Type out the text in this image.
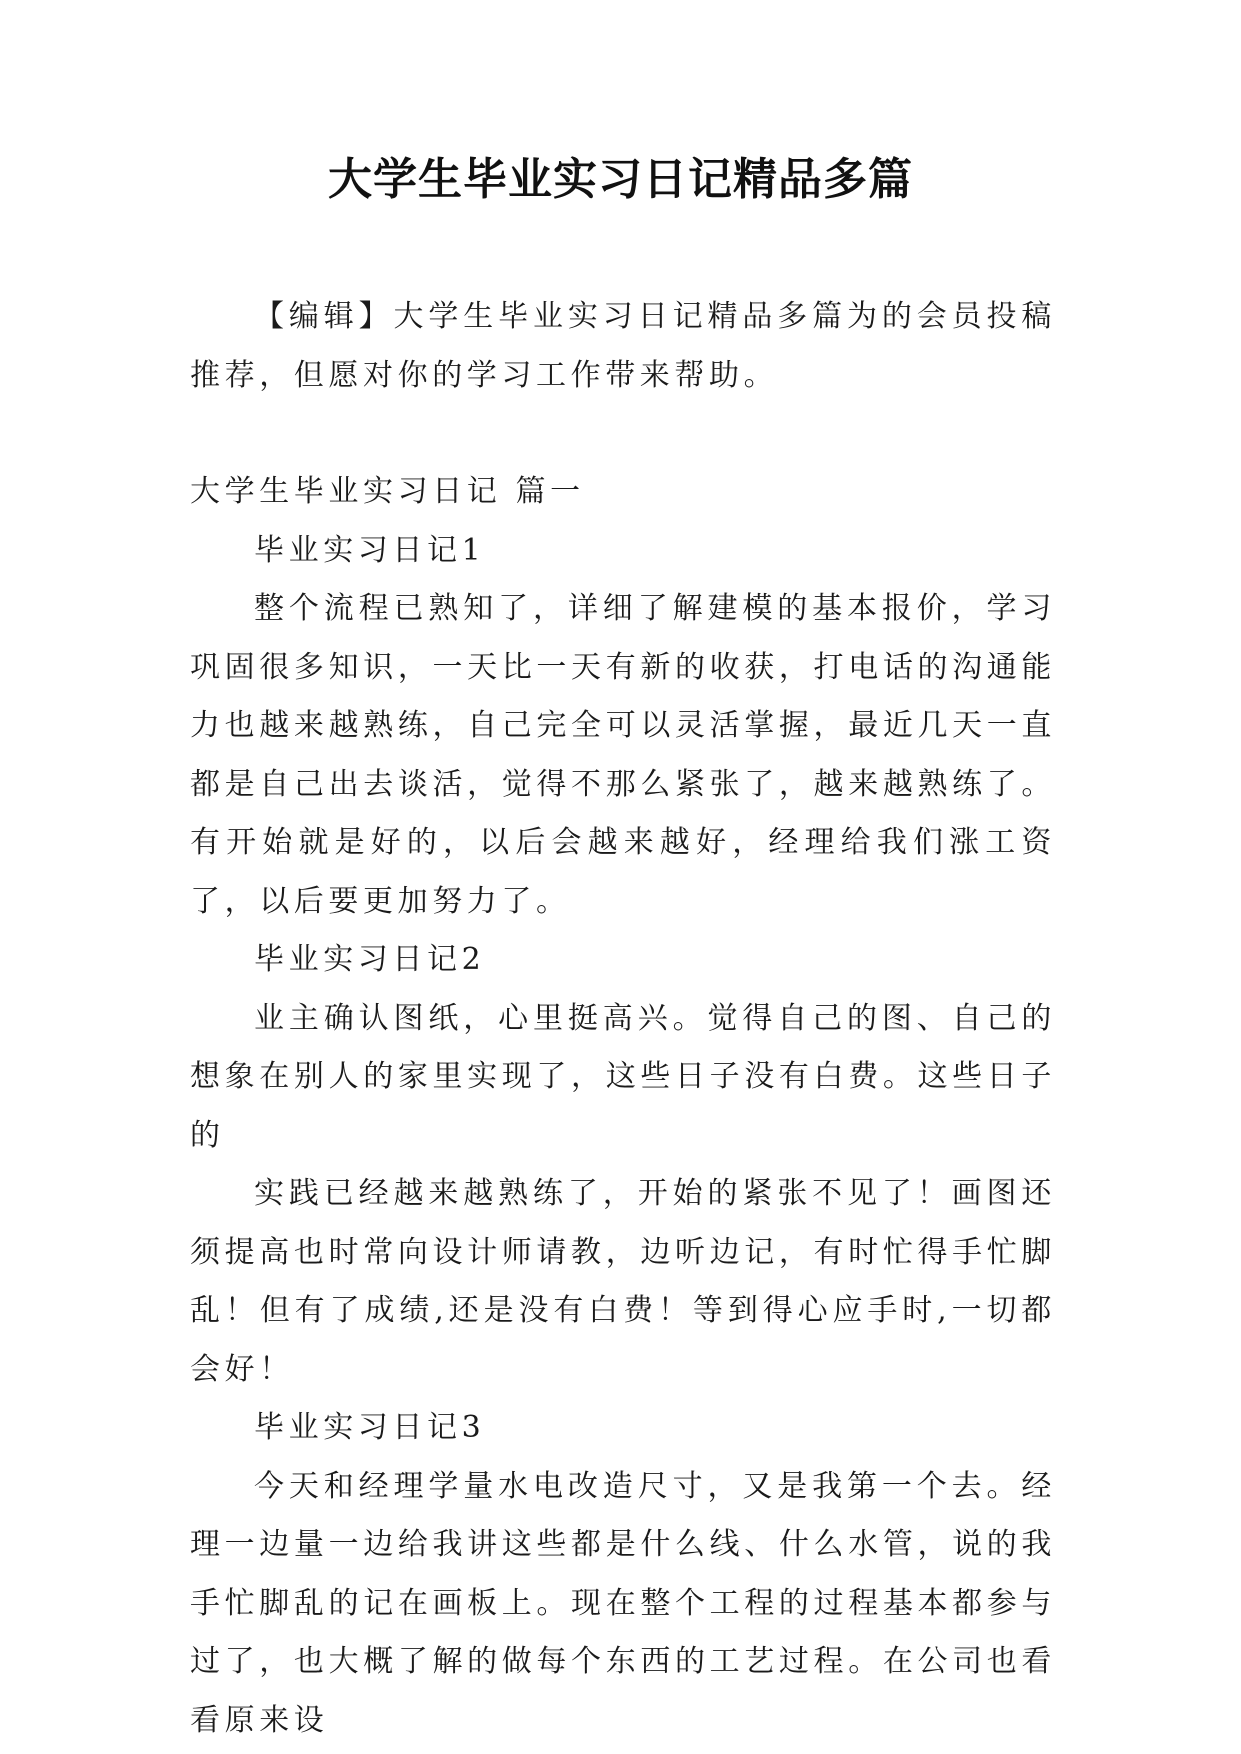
大学生毕业实习日记精品多篇

【编辑】大学生毕业实习日记精品多篇为的会员投稿推荐，但愿对你的学习工作带来帮助。

大学生毕业实习日记 篇一

毕业实习日记1

整个流程已熟知了，详细了解建模的基本报价，学习巩固很多知识，一天比一天有新的收获，打电话的沟通能力也越来越熟练，自己完全可以灵活掌握，最近几天一直都是自己出去谈活，觉得不那么紧张了，越来越熟练了。有开始就是好的，以后会越来越好，经理给我们涨工资了，以后要更加努力了。

毕业实习日记2

业主确认图纸，心里挺高兴。觉得自己的图、自己的想象在别人的家里实现了，这些日子没有白费。这些日子的

实践已经越来越熟练了，开始的紧张不见了！画图还须提高也时常向设计师请教，边听边记，有时忙得手忙脚乱！但有了成绩,还是没有白费！等到得心应手时,一切都会好！

毕业实习日记3

今天和经理学量水电改造尺寸，又是我第一个去。经理一边量一边给我讲这些都是什么线、什么水管，说的我手忙脚乱的记在画板上。现在整个工程的过程基本都参与过了，也大概了解的做每个东西的工艺过程。在公司也看看原来设
